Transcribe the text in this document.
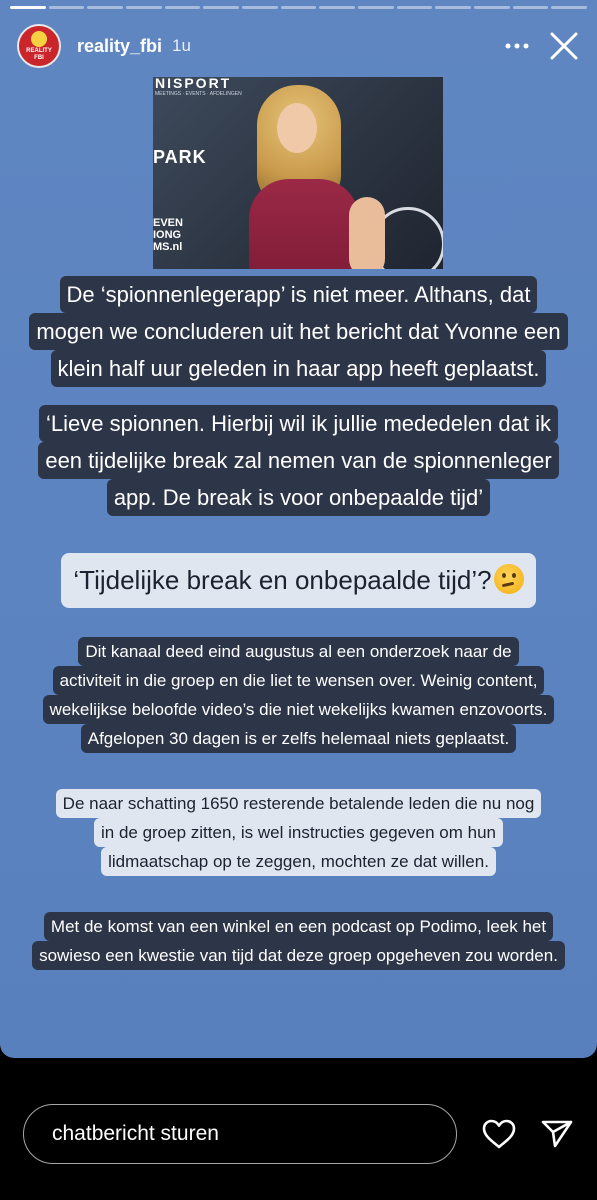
REALITY
FBI
reality_fbi 1u
NISPORT
MEETINGS · EVENTS · AFDELINGEN
PARK
EVEN
IONG
MS.nl
De ‘spionnenlegerapp’ is niet meer. Althans, dat
mogen we concluderen uit het bericht dat Yvonne een
klein half uur geleden in haar app heeft geplaatst.
‘Lieve spionnen. Hierbij wil ik jullie mededelen dat ik
een tijdelijke break zal nemen van de spionnenleger
app. De break is voor onbepaalde tijd’
‘Tijdelijke break en onbepaalde tijd’?
Dit kanaal deed eind augustus al een onderzoek naar de
activiteit in die groep en die liet te wensen over. Weinig content,
wekelijkse beloofde video’s die niet wekelijks kwamen enzovoorts.
Afgelopen 30 dagen is er zelfs helemaal niets geplaatst.
De naar schatting 1650 resterende betalende leden die nu nog
in de groep zitten, is wel instructies gegeven om hun
lidmaatschap op te zeggen, mochten ze dat willen.
Met de komst van een winkel en een podcast op Podimo, leek het
sowieso een kwestie van tijd dat deze groep opgeheven zou worden.
chatbericht sturen
